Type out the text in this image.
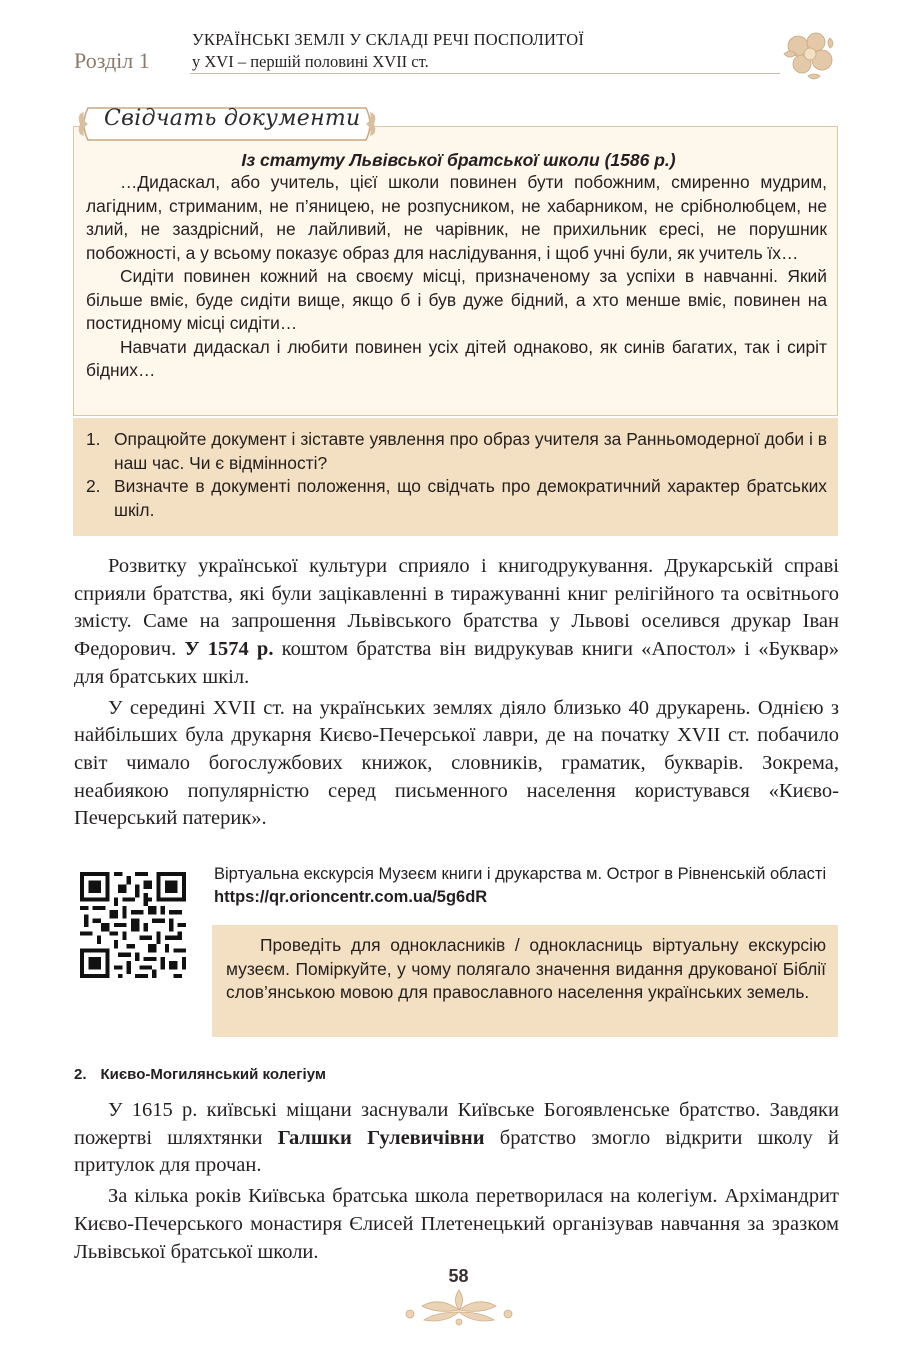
Розділ 1
УКРАЇНСЬКІ ЗЕМЛІ У СКЛАДІ РЕЧІ ПОСПОЛИТОЇ
у XVI – першій половині XVII ст.
Свідчать документи
Із статуту Львівської братської школи (1586 р.)

…Дидаскал, або учитель, цієї школи повинен бути побожним, смиренно мудрим, лагідним, стриманим, не п’яницею, не розпусником, не хабарником, не срібнолюбцем, не злий, не заздрісний, не лайливий, не чарівник, не прихильник єресі, не порушник побожності, а у всьому показує образ для наслідування, і щоб учні були, як учитель їх…

Сидіти повинен кожний на своєму місці, призначеному за успіхи в навчанні. Який більше вміє, буде сидіти вище, якщо б і був дуже бідний, а хто менше вміє, повинен на постидному місці сидіти…

Навчати дидаскал і любити повинен усіх дітей однаково, як синів багатих, так і сиріт бідних…

1. Опрацюйте документ і зіставте уявлення про образ учителя за Ранньомодерної доби і в наш час. Чи є відмінності?
2. Визначте в документі положення, що свідчать про демократичний характер братських шкіл.

Розвитку української культури сприяло і книгодрукування. Друкарській справі сприяли братства, які були зацікавленні в тиражуванні книг релігійного та освітнього змісту. Саме на запрошення Львівського братства у Львові оселився друкар Іван Федорович. У 1574 р. коштом братства він видрукував книги «Апостол» і «Буквар» для братських шкіл.

У середині XVII ст. на українських землях діяло близько 40 друкарень. Однією з найбільших була друкарня Києво-Печерської лаври, де на початку XVII ст. побачило світ чимало богослужбових книжок, словників, граматик, букварів. Зокрема, неабиякою популярністю серед письменного населення користувався «Києво-Печерський патерик».

Віртуальна екскурсія Музеєм книги і друкарства м. Острог в Рівненській області https://qr.orioncentr.com.ua/5g6dR
Проведіть для однокласників / однокласниць віртуальну екскурсію музеєм. Поміркуйте, у чому полягало значення видання друкованої Біблії слов’янською мовою для православного населення українських земель.
2. Києво-Могилянський колегіум

У 1615 р. київські міщани заснували Київське Богоявленське братство. Завдяки пожертві шляхтянки Галшки Гулевичівни братство змогло відкрити школу й притулок для прочан.

За кілька років Київська братська школа перетворилася на колегіум. Архімандрит Києво-Печерського монастиря Єлисей Плетенецький організував навчання за зразком Львівської братської школи.

58
